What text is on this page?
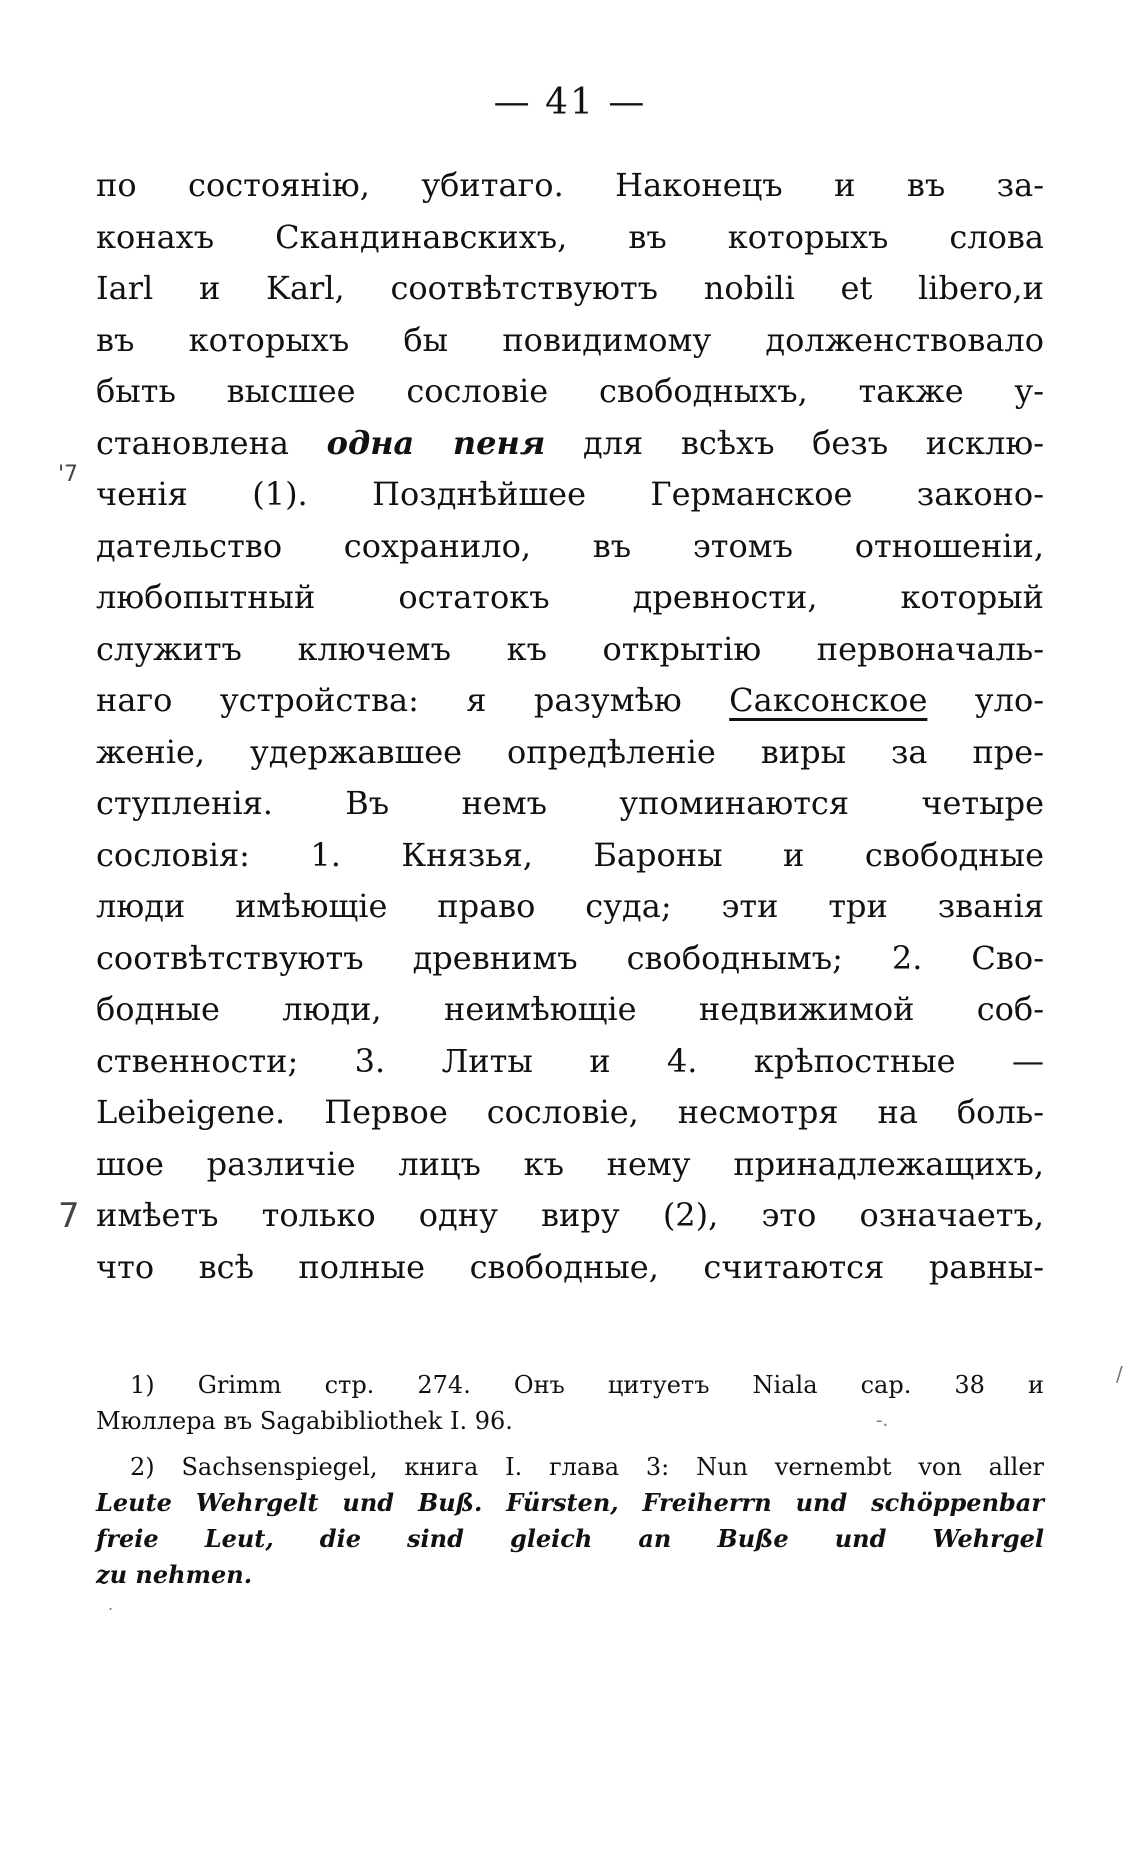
— 41 —
'7
7
/
-.
.
по состоянію, убитаго. Наконецъ и въ за-
конахъ Скандинавскихъ, въ которыхъ слова
Iarl и Karl, соотвѣтствуютъ nobili et libero,и
въ которыхъ бы повидимому долженствовало
быть высшее сословіе свободныхъ, также у-
становлена одна пеня для всѣхъ безъ исклю-
ченія (1). Позднѣйшее Германское законо-
дательство сохранило, въ этомъ отношеніи,
любопытный остатокъ древности, который
служитъ ключемъ къ открытію первоначаль-
наго устройства: я разумѣю Саксонское уло-
женіе, удержавшее опредѣленіе виры за пре-
ступленія. Въ немъ упоминаются четыре
сословія: 1. Князья, Бароны и свободные
люди имѣющіе право суда; эти три званія
соотвѣтствуютъ древнимъ свободнымъ; 2. Сво-
бодные люди, неимѣющіе недвижимой соб-
ственности; 3. Литы и 4. крѣпостные —
Leibeigene. Первое сословіе, несмотря на боль-
шое различіе лицъ къ нему принадлежащихъ,
имѣетъ только одну виру (2), это означаетъ,
что всѣ полные свободные, считаются равны-
1) Grimm стр. 274. Онъ цитуетъ Niala cap. 38 и
Мюллера въ Sagabibliothek I. 96.
2) Sachsenspiegel, книга I. глава 3: Nun vernembt von aller
Leute Wehrgelt und Buß. Fürsten, Freiherrn und schöppenbar
freie Leut, die sind gleich an Buße und Wehrgel
zu nehmen.
